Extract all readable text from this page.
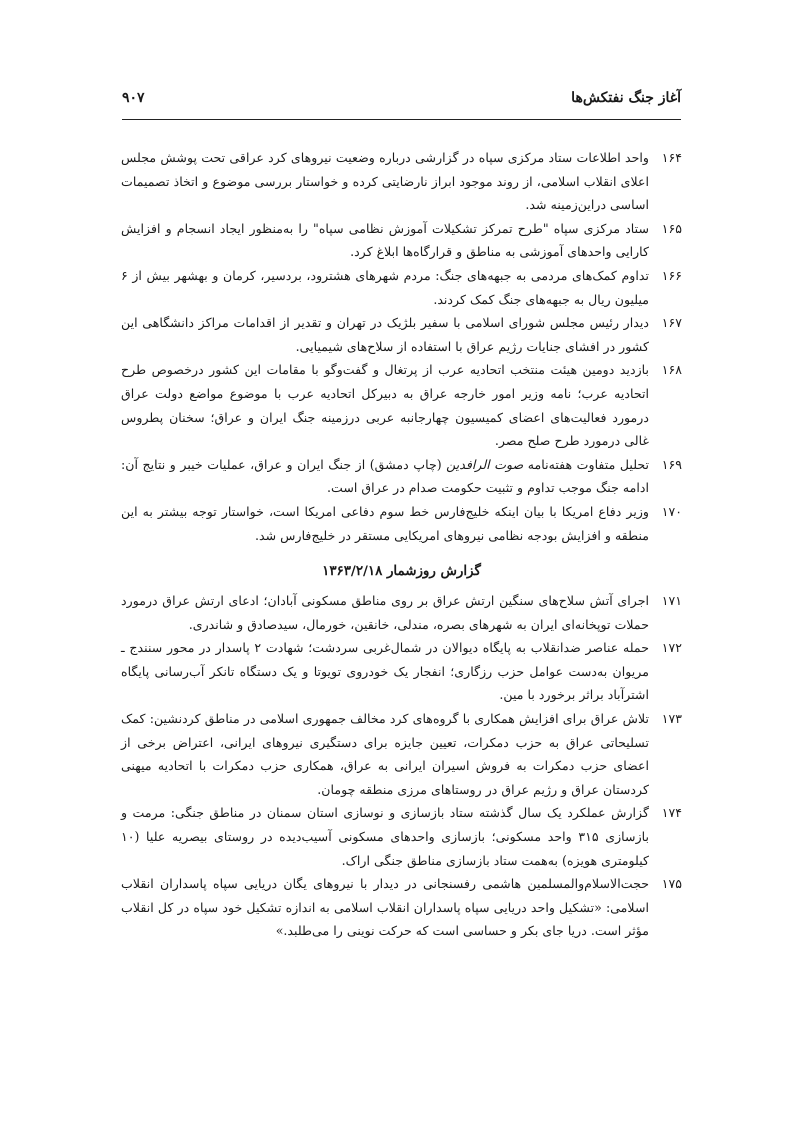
آغاز جنگ نفتکش‌ها
۹۰۷
۱۶۴
واحد اطلاعات ستاد مرکزی سپاه در گزارشی درباره وضعیت نیروهای کرد عراقی تحت پوشش مجلس اعلای انقلاب اسلامی، از روند موجود ابراز نارضایتی کرده و خواستار بررسی موضوع و اتخاذ تصمیمات اساسی دراین‌زمینه شد.
۱۶۵
ستاد مرکزی سپاه "طرح تمرکز تشکیلات آموزش نظامی سپاه" را به‌منظور ایجاد انسجام و افزایش کارایی واحدهای آموزشی به مناطق و قرارگاه‌ها ابلاغ کرد.
۱۶۶
تداوم کمک‌های مردمی به جبهه‌های جنگ: مردم شهرهای هشترود، بردسیر، کرمان و بهشهر بیش از ۶ میلیون ریال به جبهه‌های جنگ کمک کردند.
۱۶۷
دیدار رئیس مجلس شورای اسلامی با سفیر بلژیک در تهران و تقدیر از اقدامات مراکز دانشگاهی این کشور در افشای جنایات رژیم عراق با استفاده از سلاح‌های شیمیایی.
۱۶۸
بازدید دومین هیئت منتخب اتحادیه عرب از پرتغال و گفت‌وگو با مقامات این کشور درخصوص طرح اتحادیه عرب؛ نامه وزیر امور خارجه عراق به دبیرکل اتحادیه عرب با موضوع مواضع دولت عراق درمورد فعالیت‌های اعضای کمیسیون چهارجانبه عربی درزمینه جنگ ایران و عراق؛ سخنان پطروس غالی درمورد طرح صلح مصر.
۱۶۹
تحلیل متفاوت هفته‌نامه صوت الرافدین (چاپ دمشق) از جنگ ایران و عراق، عملیات خیبر و نتایج آن: ادامه جنگ موجب تداوم و تثبیت حکومت صدام در عراق است.
۱۷۰
وزیر دفاع امریکا با بیان اینکه خلیج‌فارس خط سوم دفاعی امریکا است، خواستار توجه بیشتر به این منطقه و افزایش بودجه نظامی نیروهای امریکایی مستقر در خلیج‌فارس شد.
گزارش روزشمار ۱۳۶۳/۲/۱۸
۱۷۱
اجرای آتش سلاح‌های سنگین ارتش عراق بر روی مناطق مسکونی آبادان؛ ادعای ارتش عراق درمورد حملات توپخانه‌ای ایران به شهرهای بصره، مندلی، خانقین، خورمال، سیدصادق و شاندری.
۱۷۲
حمله عناصر ضدانقلاب به پایگاه دیوالان در شمال‌غربی سردشت؛ شهادت ۲ پاسدار در محور سنندج ـ مریوان به‌دست عوامل حزب رزگاری؛ انفجار یک خودروی تویوتا و یک دستگاه تانکر آب‌رسانی پایگاه اشترآباد براثر برخورد با مین.
۱۷۳
تلاش عراق برای افزایش همکاری با گروه‌های کرد مخالف جمهوری اسلامی در مناطق کردنشین: کمک تسلیحاتی عراق به حزب دمکرات، تعیین جایزه برای دستگیری نیروهای ایرانی، اعتراض برخی از اعضای حزب دمکرات به فروش اسیران ایرانی به عراق، همکاری حزب دمکرات با اتحادیه میهنی کردستان عراق و رژیم عراق در روستاهای مرزی منطقه چومان.
۱۷۴
گزارش عملکرد یک سال گذشته ستاد بازسازی و نوسازی استان سمنان در مناطق جنگی: مرمت و بازسازی ۳۱۵ واحد مسکونی؛ بازسازی واحدهای مسکونی آسیب‌دیده در روستای بیصریه علیا (۱۰ کیلومتری هویزه) به‌همت ستاد بازسازی مناطق جنگی اراک.
۱۷۵
حجت‌الاسلام‌والمسلمین هاشمی رفسنجانی در دیدار با نیروهای یگان دریایی سپاه پاسداران انقلاب اسلامی: «تشکیل واحد دریایی سپاه پاسداران انقلاب اسلامی به اندازه تشکیل خود سپاه در کل انقلاب مؤثر است. دریا جای بکر و حساسی است که حرکت نوینی را می‌طلبد.»
